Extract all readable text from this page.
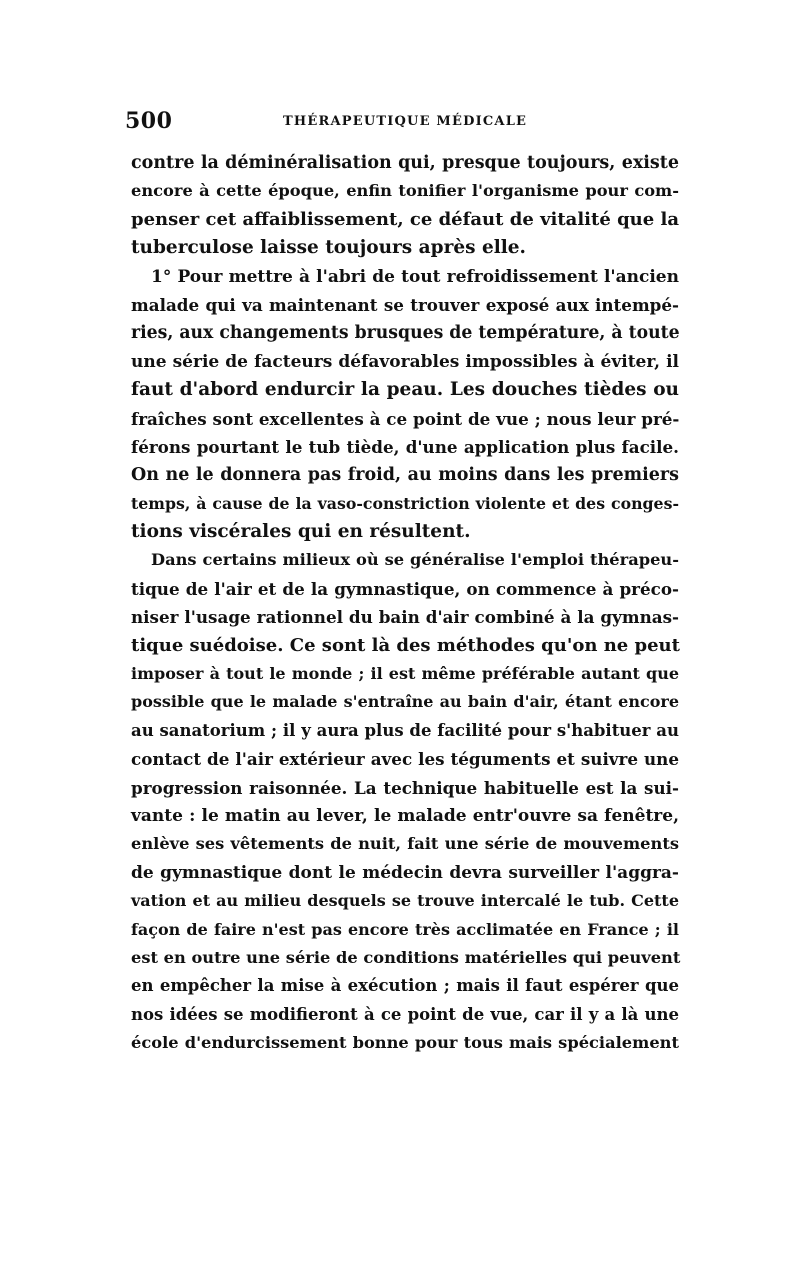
500	THÉRAPEUTIQUE MÉDICALE
contre la déminéralisation qui, presque toujours, existe
encore à cette époque, enfin tonifier l'organisme pour com-
penser cet affaiblissement, ce défaut de vitalité que la
tuberculose laisse toujours après elle.
1° Pour mettre à l'abri de tout refroidissement l'ancien
malade qui va maintenant se trouver exposé aux intempé-
ries, aux changements brusques de température, à toute
une série de facteurs défavorables impossibles à éviter, il
faut d'abord endurcir la peau. Les douches tièdes ou
fraîches sont excellentes à ce point de vue ; nous leur pré-
férons pourtant le tub tiède, d'une application plus facile.
On ne le donnera pas froid, au moins dans les premiers
temps, à cause de la vaso-constriction violente et des conges-
tions viscérales qui en résultent.
Dans certains milieux où se généralise l'emploi thérapeu-
tique de l'air et de la gymnastique, on commence à préco-
niser l'usage rationnel du bain d'air combiné à la gymnas-
tique suédoise. Ce sont là des méthodes qu'on ne peut
imposer à tout le monde ; il est même préférable autant que
possible que le malade s'entraîne au bain d'air, étant encore
au sanatorium ; il y aura plus de facilité pour s'habituer au
contact de l'air extérieur avec les téguments et suivre une
progression raisonnée. La technique habituelle est la sui-
vante : le matin au lever, le malade entr'ouvre sa fenêtre,
enlève ses vêtements de nuit, fait une série de mouvements
de gymnastique dont le médecin devra surveiller l'aggra-
vation et au milieu desquels se trouve intercalé le tub. Cette
façon de faire n'est pas encore très acclimatée en France ; il
est en outre une série de conditions matérielles qui peuvent
en empêcher la mise à exécution ; mais il faut espérer que
nos idées se modifieront à ce point de vue, car il y a là une
école d'endurcissement bonne pour tous mais spécialement
